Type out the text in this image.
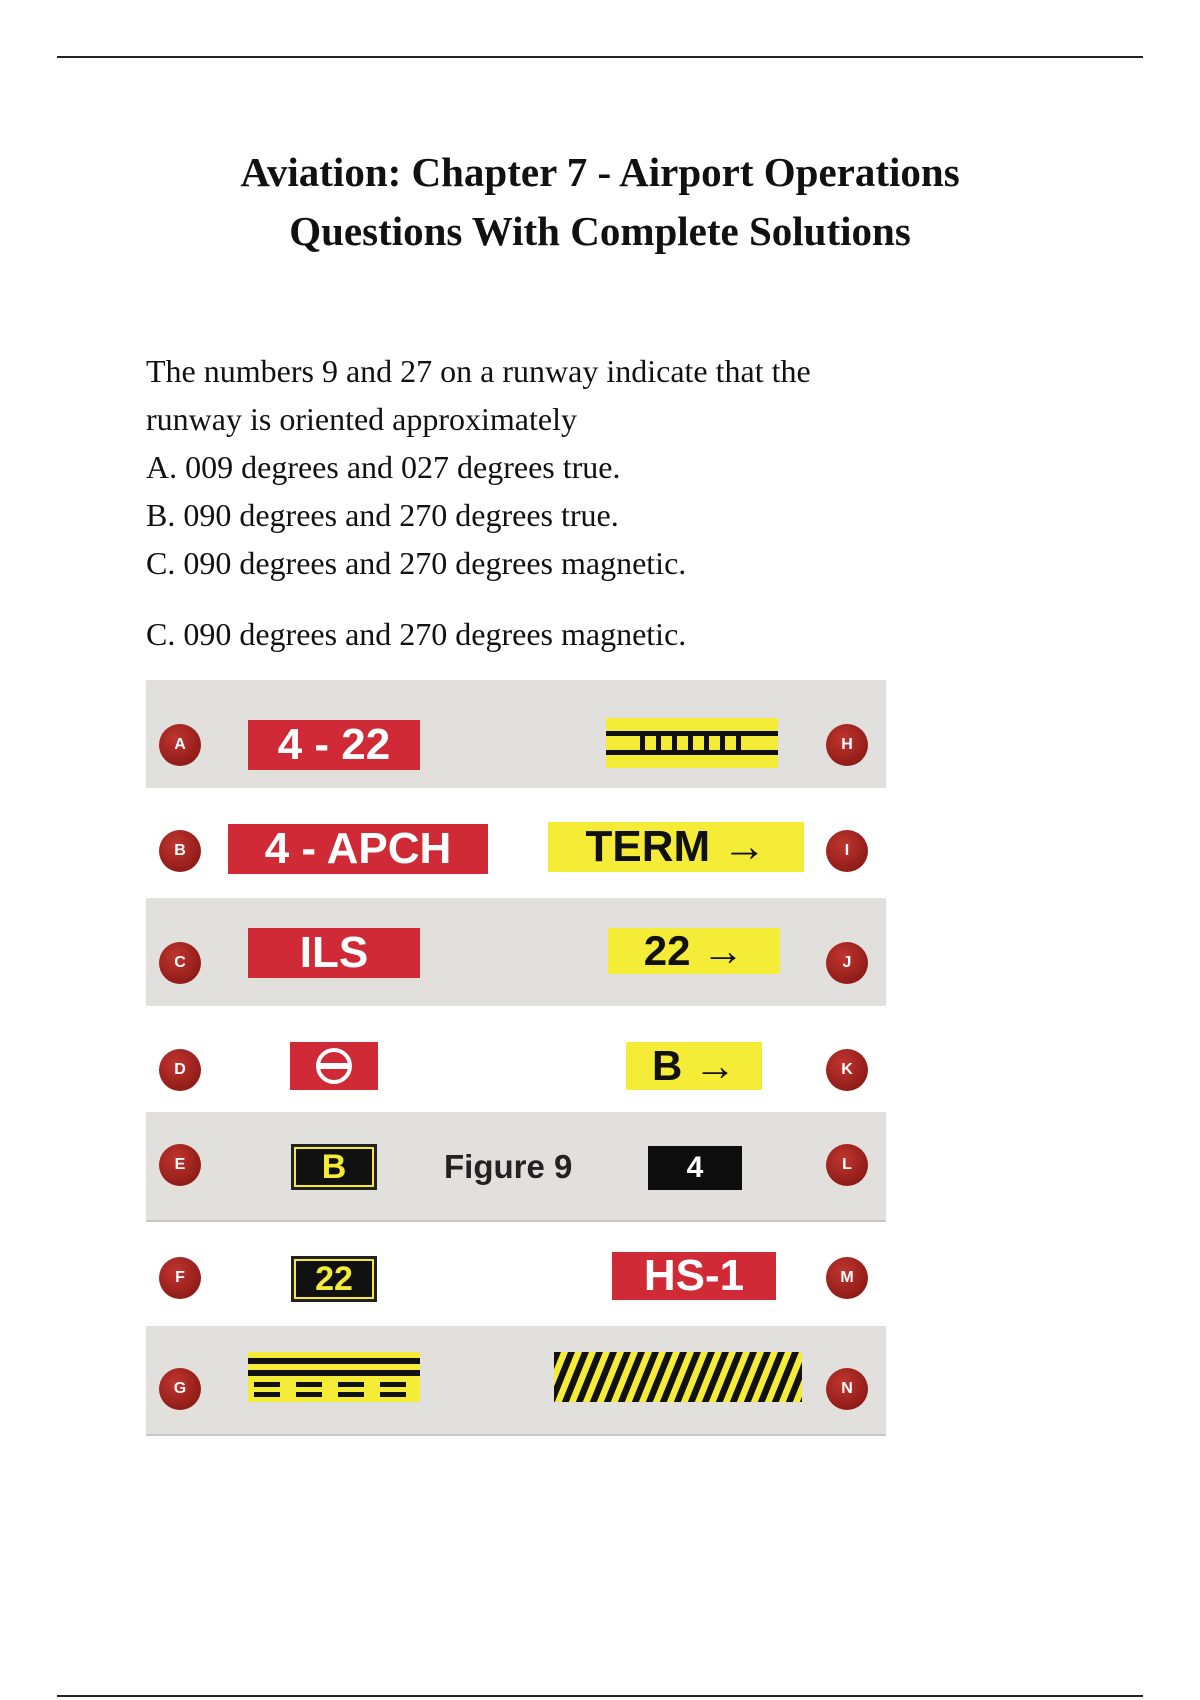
Aviation: Chapter 7 - Airport Operations
Questions With Complete Solutions
The numbers 9 and 27 on a runway indicate that the
runway is oriented approximately
A. 009 degrees and 027 degrees true.
B. 090 degrees and 270 degrees true.
C. 090 degrees and 270 degrees magnetic.
C. 090 degrees and 270 degrees magnetic.
A	4 - 22	H
B	4 - APCH	TERM →	I
C	ILS	22 →	J
D	B →	K
E	B	Figure 9	4	L
F	22	HS-1	M
G	N
